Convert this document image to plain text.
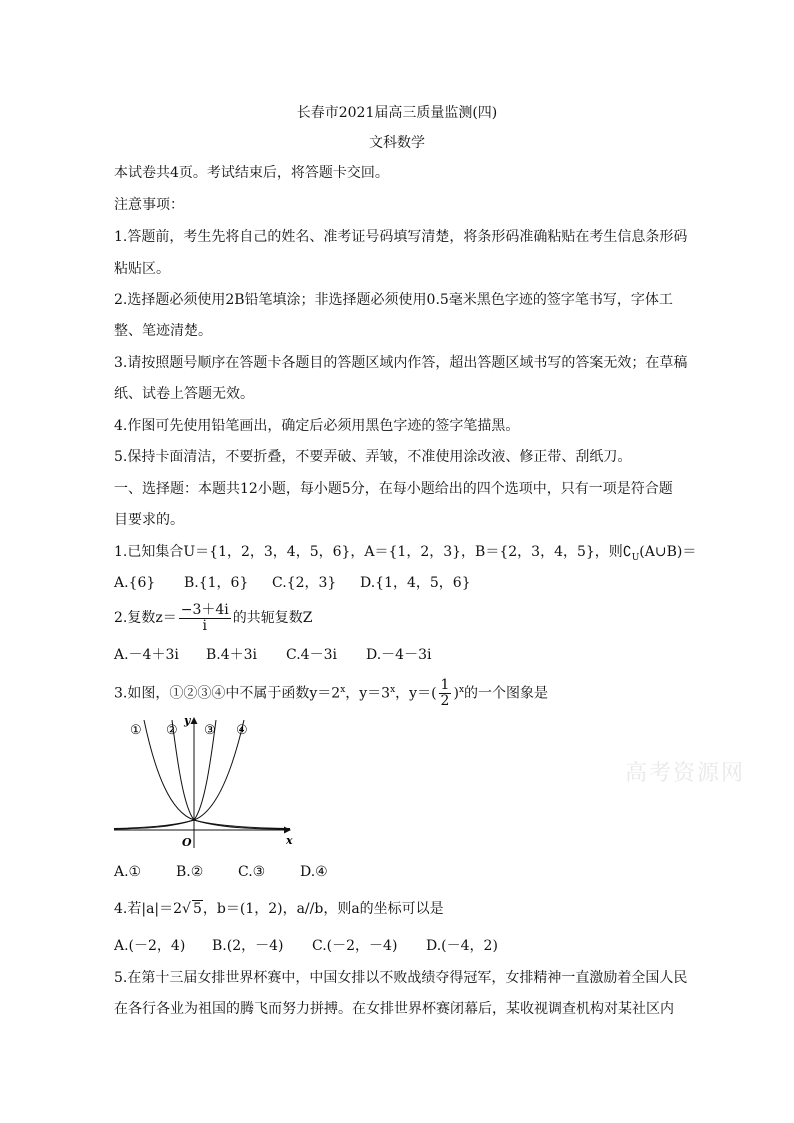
长春市2021届高三质量监测(四)
文科数学
本试卷共4页。考试结束后，将答题卡交回。
注意事项：
1.答题前，考生先将自己的姓名、准考证号码填写清楚，将条形码准确粘贴在考生信息条形码
粘贴区。
2.选择题必须使用2B铅笔填涂；非选择题必须使用0.5毫米黑色字迹的签字笔书写，字体工
整、笔迹清楚。
3.请按照题号顺序在答题卡各题目的答题区域内作答，超出答题区域书写的答案无效；在草稿
纸、试卷上答题无效。
4.作图可先使用铅笔画出，确定后必须用黑色字迹的签字笔描黑。
5.保持卡面清洁，不要折叠，不要弄破、弄皱，不准使用涂改液、修正带、刮纸刀。
一、选择题：本题共12小题，每小题5分，在每小题给出的四个选项中，只有一项是符合题
目要求的。
1.已知集合U＝{1，2，3，4，5，6}，A＝{1，2，3}，B＝{2，3，4，5}，则$∁_U(A\cup B)=$
A.{6} B.{1，6} C.{2，3} D.{1，4，5，6}
2.复数$z= \frac{-3+4i}{i}$ 的共轭复数Z
A.－4＋3i B.4＋3i C.4－3i D.－4－3i
3.如图，①②③④中不属于函数$y=2^x$，$y=3^x$，$y=( \frac{1}{2} )^x$的一个图象是
① ② ③ ④
y
x
O
A.① B.② C.③ D.④
4.若|a|＝2√ 5，b＝(1，2)，a//b，则a的坐标可以是
A.(－2，4) B.(2，－4) C.(－2，－4) D.(－4，2)
5.在第十三届女排世界杯赛中，中国女排以不败战绩夺得冠军，女排精神一直激励着全国人民
在各行各业为祖国的腾飞而努力拼搏。在女排世界杯赛闭幕后，某收视调查机构对某社区内
高考资源网
